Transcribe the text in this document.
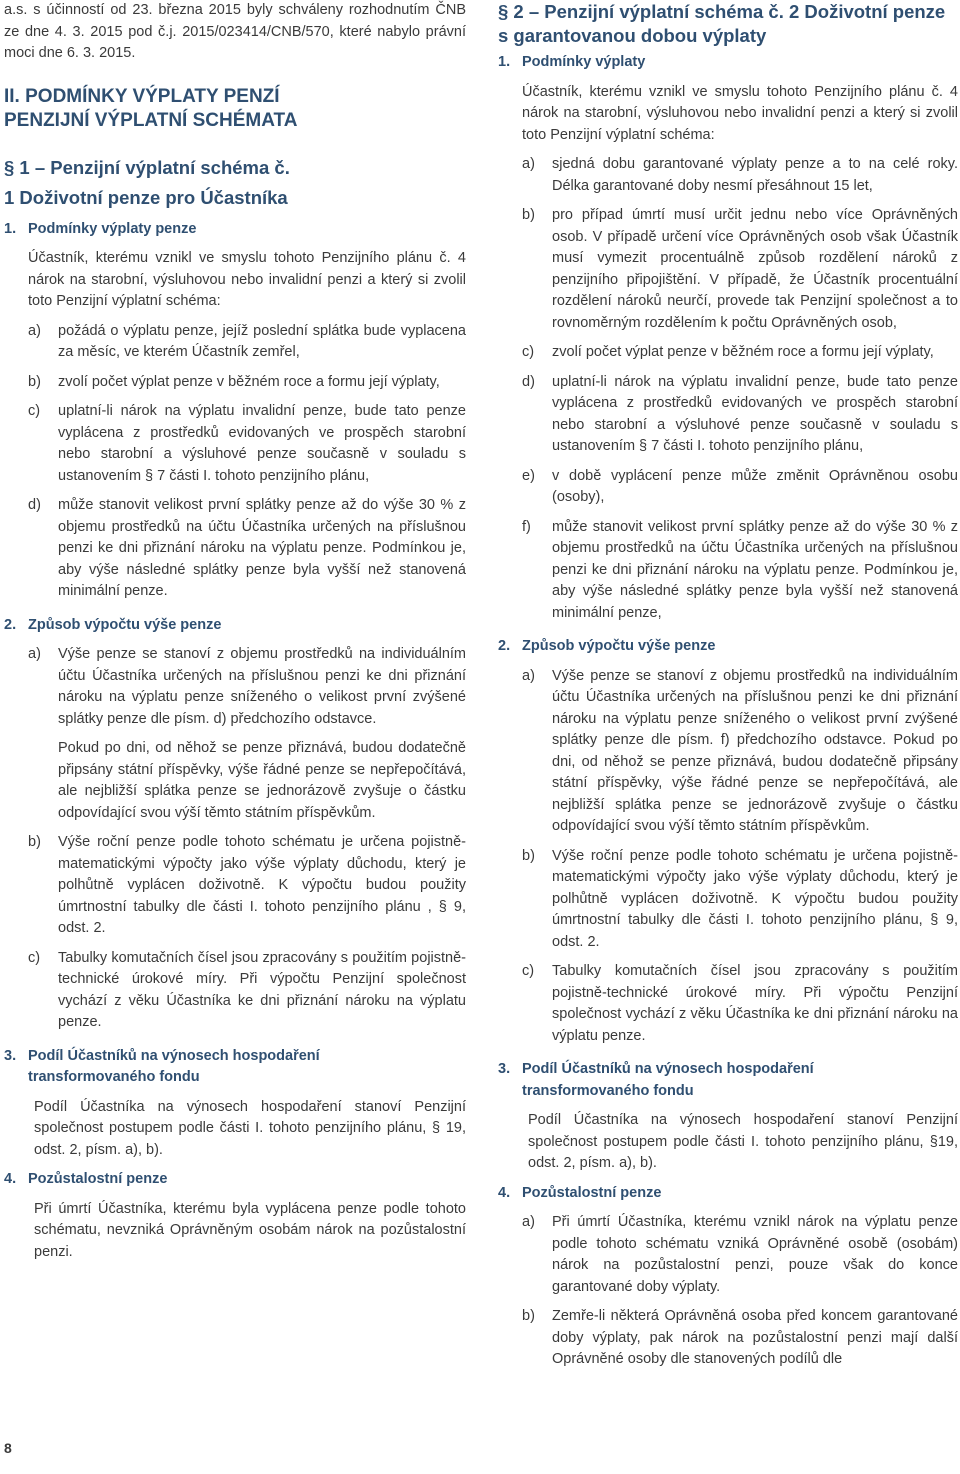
a.s. s účinností od 23. března 2015 byly schváleny rozhodnutím ČNB ze dne 4. 3. 2015 pod č.j. 2015/023414/CNB/570, které nabylo právní moci dne 6. 3. 2015.

II. PODMÍNKY VÝPLATY PENZÍ PENZIJNÍ VÝPLATNÍ SCHÉMATA
§ 1 – Penzijní výplatní schéma č. 1 Doživotní penze pro Účastníka
1. Podmínky výplaty penze

Účastník, kterému vznikl ve smyslu tohoto Penzijního plánu č. 4 nárok na starobní, výsluhovou nebo invalidní penzi a který si zvolil toto Penzijní výplatní schéma:

a)	požádá o výplatu penze, jejíž poslední splátka bude vyplacena za měsíc, ve kterém Účastník zemřel,
b)	zvolí počet výplat penze v běžném roce a formu její výplaty,
c)	uplatní-li nárok na výplatu invalidní penze, bude tato penze vyplácena z prostředků evidovaných ve prospěch starobní nebo starobní a výsluhové penze současně v souladu s ustanovením § 7 části I. tohoto penzijního plánu,
d)	může stanovit velikost první splátky penze až do výše 30 % z objemu prostředků na účtu Účastníka určených na příslušnou penzi ke dni přiznání nároku na výplatu penze. Podmínkou je, aby výše následné splátky penze byla vyšší než stanovená minimální penze.
2. Způsob výpočtu výše penze
a)	Výše penze se stanoví z objemu prostředků na individuálním účtu Účastníka určených na příslušnou penzi ke dni přiznání nároku na výplatu penze sníženého o velikost první zvýšené splátky penze dle písm. d) předchozího odstavce.
Pokud po dni, od něhož se penze přiznává, budou dodatečně připsány státní příspěvky, výše řádné penze se nepřepočítává, ale nejbližší splátka penze se jednorázově zvyšuje o částku odpovídající svou výší těmto státním příspěvkům.
b)	Výše roční penze podle tohoto schématu je určena pojistně-matematickými výpočty jako výše výplaty důchodu, který je polhůtně vyplácen doživotně. K výpočtu budou použity úmrtnostní tabulky dle části I. tohoto penzijního plánu , § 9, odst. 2.
c)	Tabulky komutačních čísel jsou zpracovány s použitím pojistně-technické úrokové míry. Při výpočtu Penzijní společnost vychází z věku Účastníka ke dni přiznání nároku na výplatu penze.
3. Podíl Účastníků na výnosech hospodaření transformovaného fondu

Podíl Účastníka na výnosech hospodaření stanoví Penzijní společnost postupem podle části I. tohoto penzijního plánu, § 19, odst. 2, písm. a), b).

4. Pozůstalostní penze

Při úmrtí Účastníka, kterému byla vyplácena penze podle tohoto schématu, nevzniká Oprávněným osobám nárok na pozůstalostní penzi.

§ 2 – Penzijní výplatní schéma č. 2 Doživotní penze s garantovanou dobou výplaty
1. Podmínky výplaty

Účastník, kterému vznikl ve smyslu tohoto Penzijního plánu č. 4 nárok na starobní, výsluhovou nebo invalidní penzi a který si zvolil toto Penzijní výplatní schéma:

a)	sjedná dobu garantované výplaty penze a to na celé roky. Délka garantované doby nesmí přesáhnout 15 let,
b)	pro případ úmrtí musí určit jednu nebo více Oprávněných osob. V případě určení více Oprávněných osob však Účastník musí vymezit procentuálně způsob rozdělení nároků z penzijního připojištění. V případě, že Účastník procentuální rozdělení nároků neurčí, provede tak Penzijní společnost a to rovnoměrným rozdělením k počtu Oprávněných osob,
c)	zvolí počet výplat penze v běžném roce a formu její výplaty,
d)	uplatní-li nárok na výplatu invalidní penze, bude tato penze vyplácena z prostředků evidovaných ve prospěch starobní nebo starobní a výsluhové penze současně v souladu s ustanovením § 7 části I. tohoto penzijního plánu,
e)	v době vyplácení penze může změnit Oprávněnou osobu (osoby),
f)	může stanovit velikost první splátky penze až do výše 30 % z objemu prostředků na účtu Účastníka určených na příslušnou penzi ke dni přiznání nároku na výplatu penze. Podmínkou je, aby výše následné splátky penze byla vyšší než stanovená minimální penze,
2. Způsob výpočtu výše penze
a)	Výše penze se stanoví z objemu prostředků na individuálním účtu Účastníka určených na příslušnou penzi ke dni přiznání nároku na výplatu penze sníženého o velikost první zvýšené splátky penze dle písm. f) předchozího odstavce. Pokud po dni, od něhož se penze přiznává, budou dodatečně připsány státní příspěvky, výše řádné penze se nepřepočítává, ale nejbližší splátka penze se jednorázově zvyšuje o částku odpovídající svou výší těmto státním příspěvkům.
b)	Výše roční penze podle tohoto schématu je určena pojistně-matematickými výpočty jako výše výplaty důchodu, který je polhůtně vyplácen doživotně. K výpočtu budou použity úmrtnostní tabulky dle části I. tohoto penzijního plánu, § 9, odst. 2.
c)	Tabulky komutačních čísel jsou zpracovány s použitím pojistně-technické úrokové míry. Při výpočtu Penzijní společnost vychází z věku Účastníka ke dni přiznání nároku na výplatu penze.
3. Podíl Účastníků na výnosech hospodaření transformovaného fondu

Podíl Účastníka na výnosech hospodaření stanoví Penzijní společnost postupem podle části I. tohoto penzijního plánu, §19, odst. 2, písm. a), b).

4. Pozůstalostní penze
a)	Při úmrtí Účastníka, kterému vznikl nárok na výplatu penze podle tohoto schématu vzniká Oprávněné osobě (osobám) nárok na pozůstalostní penzi, pouze však do konce garantované doby výplaty.
b)	Zemře-li některá Oprávněná osoba před koncem garantované doby výplaty, pak nárok na pozůstalostní penzi mají další Oprávněné osoby dle stanovených podílů dle
8
